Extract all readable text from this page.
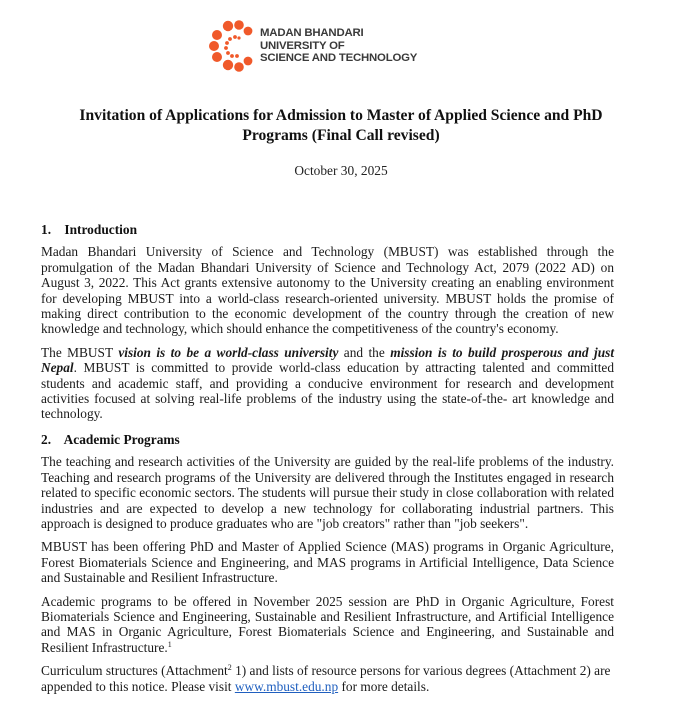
MADAN BHANDARI
UNIVERSITY OF
SCIENCE AND TECHNOLOGY
Invitation of Applications for Admission to Master of Applied Science and PhD
Programs (Final Call revised)
October 30, 2025
1. Introduction

Madan Bhandari University of Science and Technology (MBUST) was established through the promulgation of the Madan Bhandari University of Science and Technology Act, 2079 (2022 AD) on August 3, 2022. This Act grants extensive autonomy to the University creating an enabling environment for developing MBUST into a world-class research-oriented university. MBUST holds the promise of making direct contribution to the economic development of the country through the creation of new knowledge and technology, which should enhance the competitiveness of the country's economy.

The MBUST vision is to be a world-class university and the mission is to build prosperous and just Nepal. MBUST is committed to provide world-class education by attracting talented and committed students and academic staff, and providing a conducive environment for research and development activities focused at solving real-life problems of the industry using the state-of-the- art knowledge and technology.

2. Academic Programs

The teaching and research activities of the University are guided by the real-life problems of the industry. Teaching and research programs of the University are delivered through the Institutes engaged in research related to specific economic sectors. The students will pursue their study in close collaboration with related industries and are expected to develop a new technology for collaborating industrial partners. This approach is designed to produce graduates who are "job creators" rather than "job seekers".

MBUST has been offering PhD and Master of Applied Science (MAS) programs in Organic Agriculture, Forest Biomaterials Science and Engineering, and MAS programs in Artificial Intelligence, Data Science and Sustainable and Resilient Infrastructure.

Academic programs to be offered in November 2025 session are PhD in Organic Agriculture, Forest Biomaterials Science and Engineering, Sustainable and Resilient Infrastructure, and Artificial Intelligence and MAS in Organic Agriculture, Forest Biomaterials Science and Engineering, and Sustainable and Resilient Infrastructure.$^1$

Curriculum structures (Attachment$^2$ 1) and lists of resource persons for various degrees (Attachment 2) are appended to this notice. Please visit www.mbust.edu.np for more details.
